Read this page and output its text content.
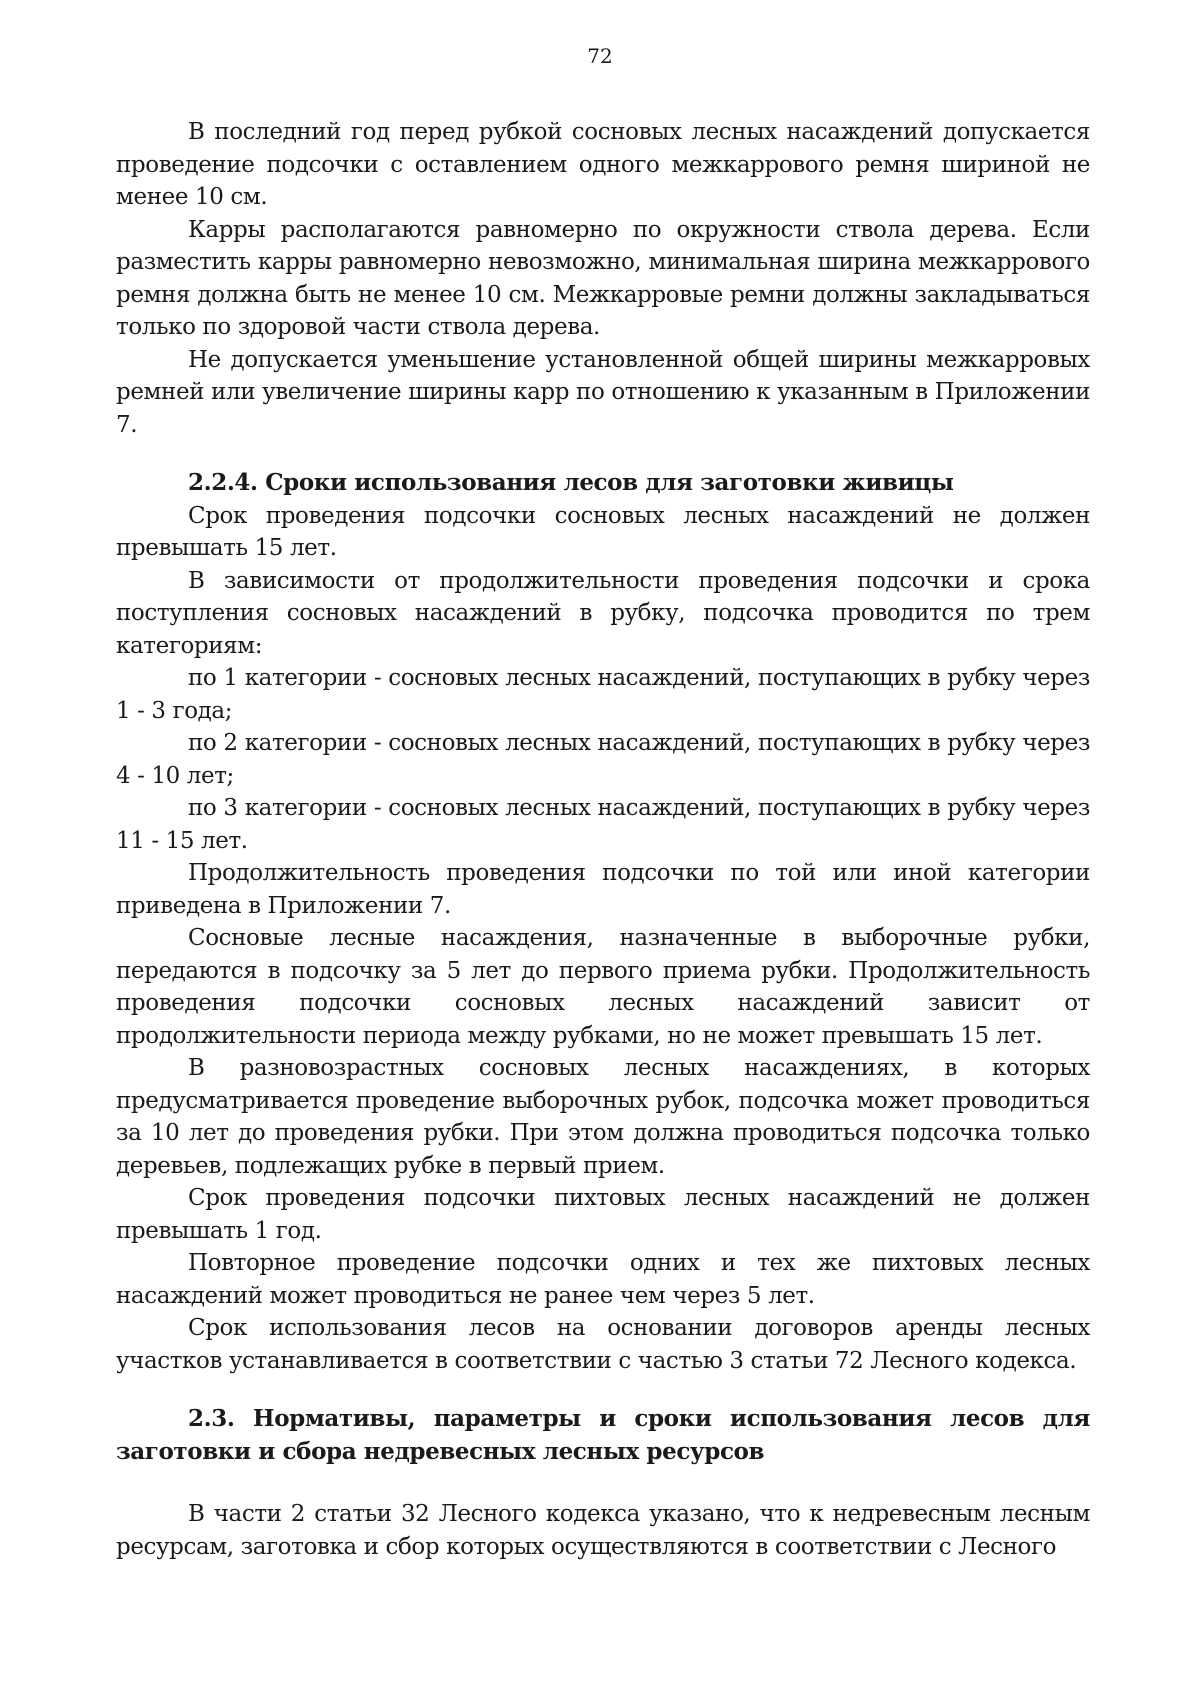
72

В последний год перед рубкой сосновых лесных насаждений допускается проведение подсочки с оставлением одного межкаррового ремня шириной не менее 10 см.

Карры располагаются равномерно по окружности ствола дерева. Если разместить карры равномерно невозможно, минимальная ширина межкаррового ремня должна быть не менее 10 см. Межкарровые ремни должны закладываться только по здоровой части ствола дерева.

Не допускается уменьшение установленной общей ширины межкарровых ремней или увеличение ширины карр по отношению к указанным в Приложении 7.

2.2.4. Сроки использования лесов для заготовки живицы

Срок проведения подсочки сосновых лесных насаждений не должен превышать 15 лет.

В зависимости от продолжительности проведения подсочки и срока поступления сосновых насаждений в рубку, подсочка проводится по трем категориям:

по 1 категории - сосновых лесных насаждений, поступающих в рубку через 1 - 3 года;

по 2 категории - сосновых лесных насаждений, поступающих в рубку через 4 - 10 лет;

по 3 категории - сосновых лесных насаждений, поступающих в рубку через 11 - 15 лет.

Продолжительность проведения подсочки по той или иной категории приведена в Приложении 7.

Сосновые лесные насаждения, назначенные в выборочные рубки, передаются в подсочку за 5 лет до первого приема рубки. Продолжительность проведения подсочки сосновых лесных насаждений зависит от продолжительности периода между рубками, но не может превышать 15 лет.

В разновозрастных сосновых лесных насаждениях, в которых предусматривается проведение выборочных рубок, подсочка может проводиться за 10 лет до проведения рубки. При этом должна проводиться подсочка только деревьев, подлежащих рубке в первый прием.

Срок проведения подсочки пихтовых лесных насаждений не должен превышать 1 год.

Повторное проведение подсочки одних и тех же пихтовых лесных насаждений может проводиться не ранее чем через 5 лет.

Срок использования лесов на основании договоров аренды лесных участков устанавливается в соответствии с частью 3 статьи 72 Лесного кодекса.

2.3. Нормативы, параметры и сроки использования лесов для заготовки и сбора недревесных лесных ресурсов

В части 2 статьи 32 Лесного кодекса указано, что к недревесным лесным ресурсам, заготовка и сбор которых осуществляются в соответствии с Лесного
